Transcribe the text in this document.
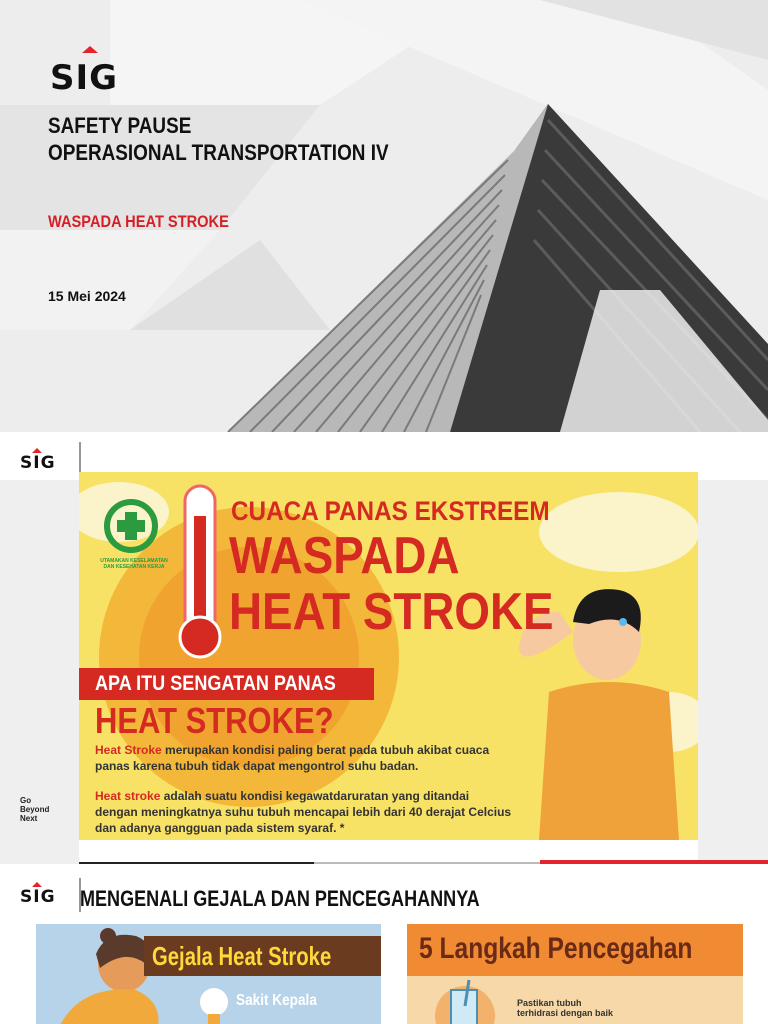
SIG
SAFETY PAUSE
OPERASIONAL TRANSPORTATION IV
WASPADA HEAT STROKE
15 Mei 2024
SIG
UTAMAKAN KESELAMATAN DAN KESEHATAN KERJA
CUACA PANAS EKSTREEM
WASPADA
HEAT STROKE
APA ITU SENGATAN PANAS
HEAT STROKE?
Heat Stroke merupakan kondisi paling berat pada tubuh akibat cuaca panas karena tubuh tidak dapat mengontrol suhu badan.
Heat stroke adalah suatu kondisi kegawatdaruratan yang ditandai dengan meningkatnya suhu tubuh mencapai lebih dari 40 derajat Celcius dan adanya gangguan pada sistem syaraf. *
Go
Beyond
Next
SIG MENGENALI GEJALA DAN PENCEGAHANNYA
Gejala Heat Stroke
Sakit Kepala
5 Langkah Pencegahan
Pastikan tubuh terhidrasi dengan baik
